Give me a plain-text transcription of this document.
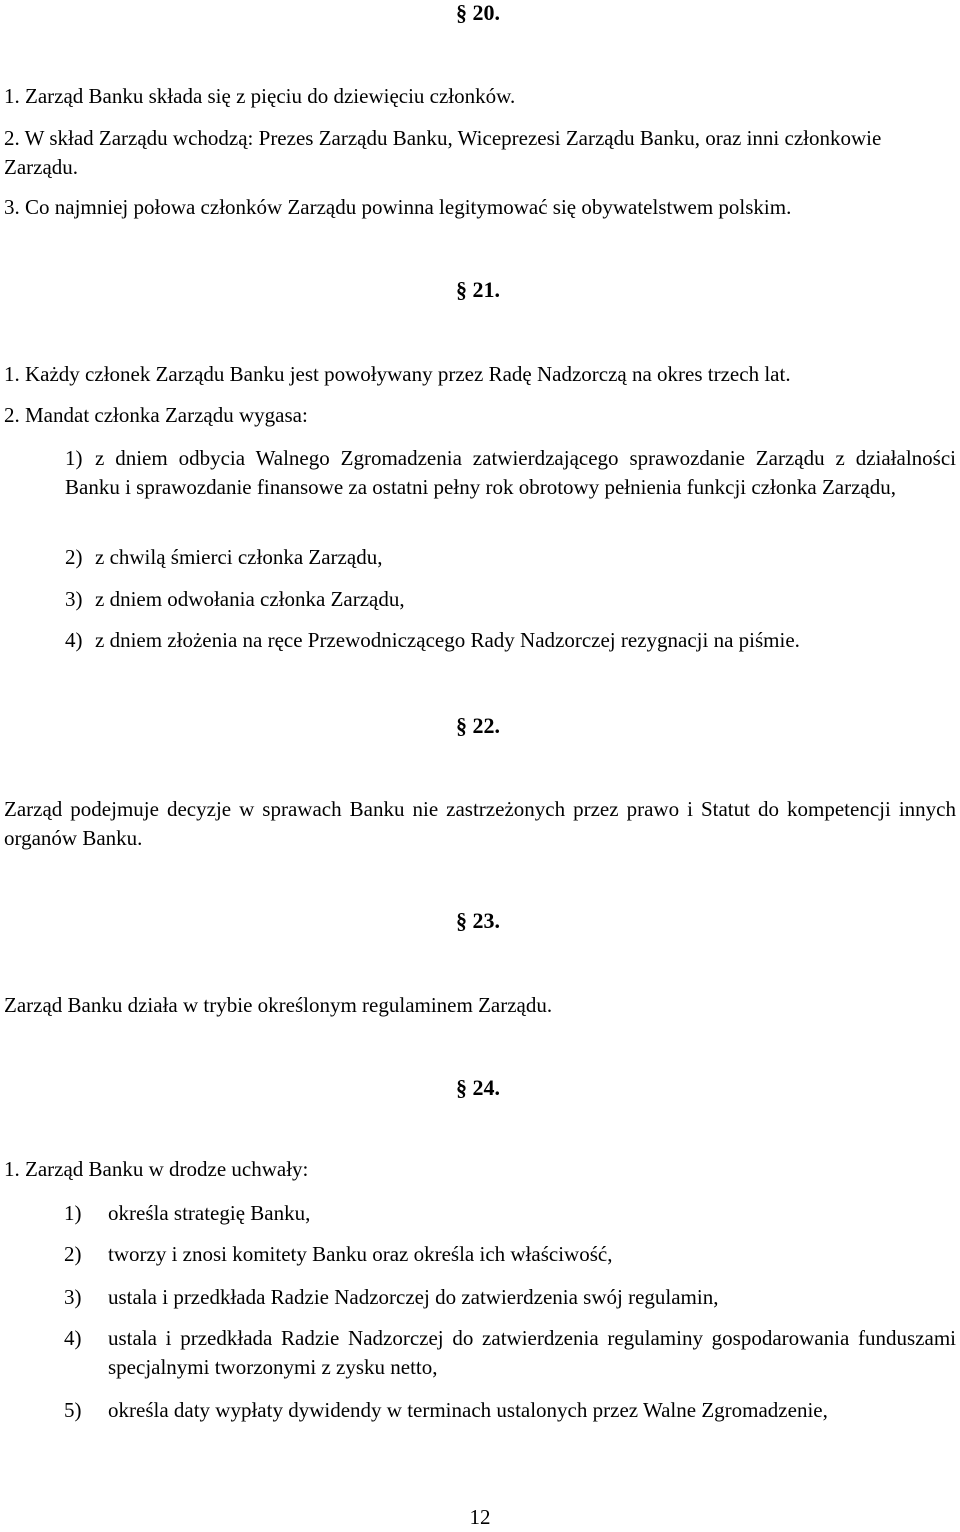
§ 20.
1. Zarząd Banku składa się z pięciu do dziewięciu członków.
2. W skład Zarządu wchodzą: Prezes Zarządu Banku, Wiceprezesi Zarządu Banku, oraz inni członkowie Zarządu.
3. Co najmniej połowa członków Zarządu powinna legitymować się obywatelstwem polskim.
§ 21.
1. Każdy członek Zarządu Banku jest powoływany przez Radę Nadzorczą na okres trzech lat.
2. Mandat członka Zarządu wygasa:
1) z dniem odbycia Walnego Zgromadzenia zatwierdzającego sprawozdanie Zarządu z działalności Banku i sprawozdanie finansowe za ostatni pełny rok obrotowy pełnienia funkcji członka Zarządu,
2) z chwilą śmierci członka Zarządu,
3) z dniem odwołania członka Zarządu,
4) z dniem złożenia na ręce Przewodniczącego Rady Nadzorczej rezygnacji na piśmie.
§ 22.
Zarząd podejmuje decyzje w sprawach Banku nie zastrzeżonych przez prawo i Statut do kompetencji innych organów Banku.
§ 23.
Zarząd Banku działa w trybie określonym regulaminem Zarządu.
§ 24.
1. Zarząd Banku w drodze uchwały:
1) określa strategię Banku,
2) tworzy i znosi komitety Banku oraz określa ich właściwość,
3) ustala i przedkłada Radzie Nadzorczej do zatwierdzenia swój regulamin,
4) ustala i przedkłada Radzie Nadzorczej do zatwierdzenia regulaminy gospodarowania funduszami specjalnymi tworzonymi z zysku netto,
5) określa daty wypłaty dywidendy w terminach ustalonych przez Walne Zgromadzenie,
12
